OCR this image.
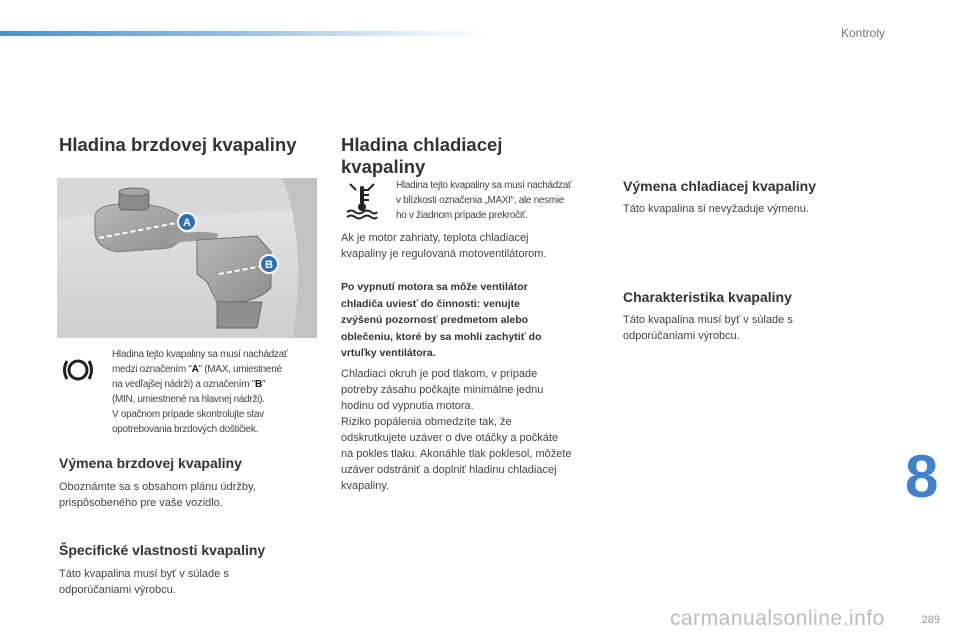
Kontroly
Hladina brzdovej kvapaliny
A
B
Hladina tejto kvapaliny sa musí nachádzať
medzi označením "A" (MAX, umiestnené
na vedľajšej nádrži) a označením "B"
(MIN, umiestnené na hlavnej nádrži).
V opačnom prípade skontrolujte stav
opotrebovania brzdových doštičiek.
Výmena brzdovej kvapaliny
Oboznámte sa s obsahom plánu údržby,
prispôsobeného pre vaše vozidlo.
Špecifické vlastnosti kvapaliny
Táto kvapalina musí byť v súlade s
odporúčaniami výrobcu.
Hladina chladiacej
kvapaliny
Hladina tejto kvapaliny sa musí nachádzať
v blízkosti označenia „MAXI“, ale nesmie
ho v žiadnom prípade prekročiť.
Ak je motor zahriaty, teplota chladiacej
kvapaliny je regulovaná motoventilátorom.
Po vypnutí motora sa môže ventilátor
chladiča uviesť do činnosti: venujte
zvýšenú pozornosť predmetom alebo
oblečeniu, ktoré by sa mohli zachytiť do
vrtuľky ventilátora.
Chladiaci okruh je pod tlakom, v prípade
potreby zásahu počkajte minimálne jednu
hodinu od vypnutia motora.
Riziko popálenia obmedzíte tak, že
odskrutkujete uzáver o dve otáčky a počkáte
na pokles tlaku. Akonáhle tlak poklesol, môžete
uzáver odstrániť a doplniť hladinu chladiacej
kvapaliny.
Výmena chladiacej kvapaliny
Táto kvapalina si nevyžaduje výmenu.
Charakteristika kvapaliny
Táto kvapalina musí byť v súlade s
odporúčaniami výrobcu.
8
carmanualsonline.info	289
